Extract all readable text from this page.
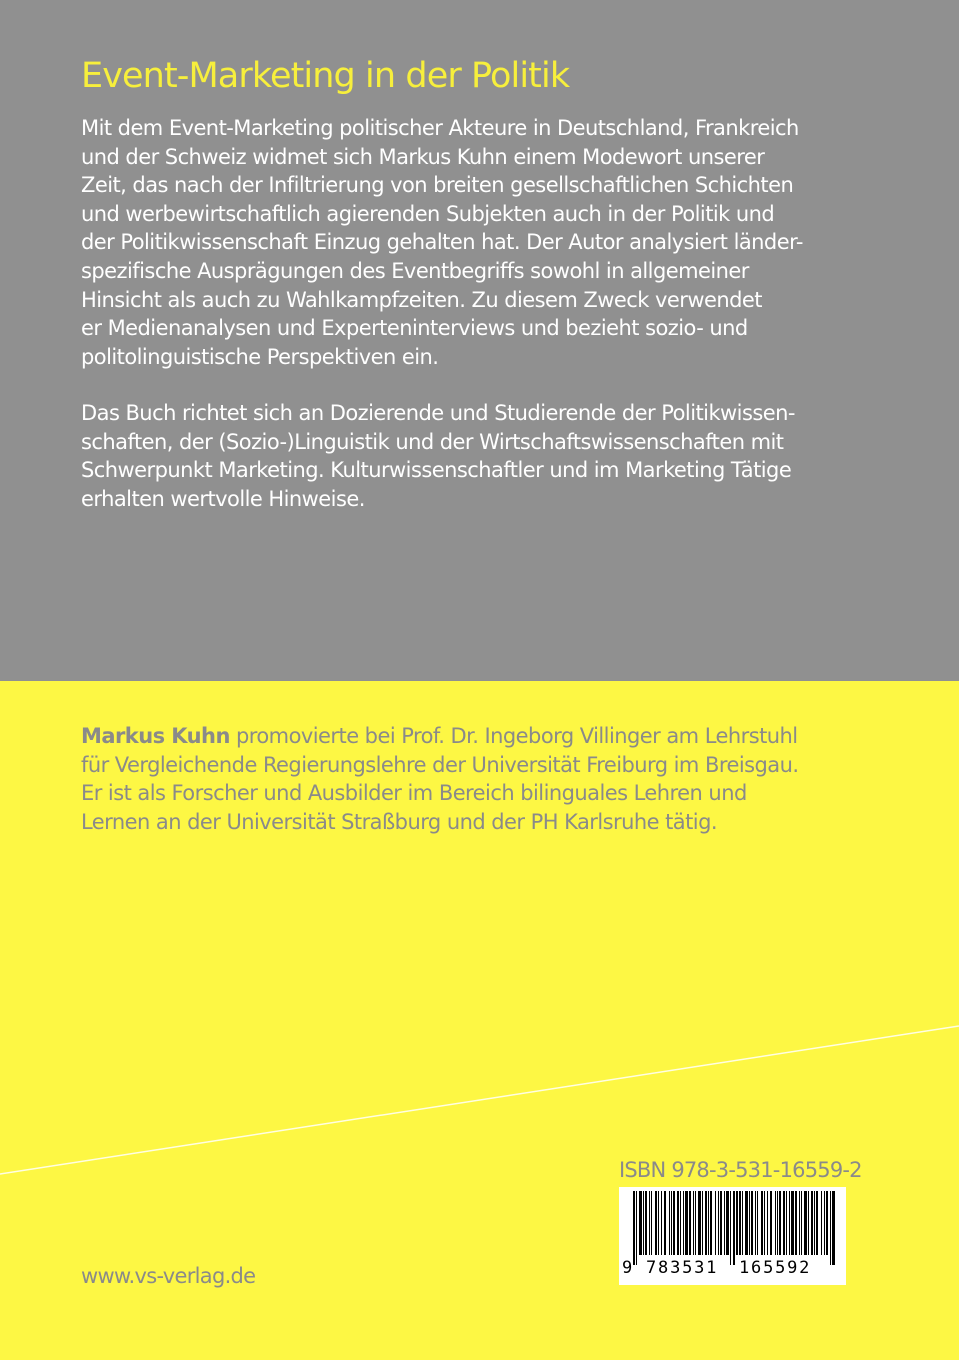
Event-Marketing in der Politik

Mit dem Event-Marketing politischer Akteure in Deutschland, Frankreich
und der Schweiz widmet sich Markus Kuhn einem Modewort unserer
Zeit, das nach der Infiltrierung von breiten gesellschaftlichen Schichten
und werbewirtschaftlich agierenden Subjekten auch in der Politik und
der Politikwissenschaft Einzug gehalten hat. Der Autor analysiert länder-
spezifische Ausprägungen des Eventbegriffs sowohl in allgemeiner
Hinsicht als auch zu Wahlkampfzeiten. Zu diesem Zweck verwendet
er Medienanalysen und Experteninterviews und bezieht sozio- und
politolinguistische Perspektiven ein.

Das Buch richtet sich an Dozierende und Studierende der Politikwissen-
schaften, der (Sozio-)Linguistik und der Wirtschaftswissenschaften mit
Schwerpunkt Marketing. Kulturwissenschaftler und im Marketing Tätige
erhalten wertvolle Hinweise.

Markus Kuhn promovierte bei Prof. Dr. Ingeborg Villinger am Lehrstuhl
für Vergleichende Regierungslehre der Universität Freiburg im Breisgau.
Er ist als Forscher und Ausbilder im Bereich bilinguales Lehren und
Lernen an der Universität Straßburg und der PH Karlsruhe tätig.

ISBN 978-3-531-16559-2

9 783531 165592

www.vs-verlag.de
